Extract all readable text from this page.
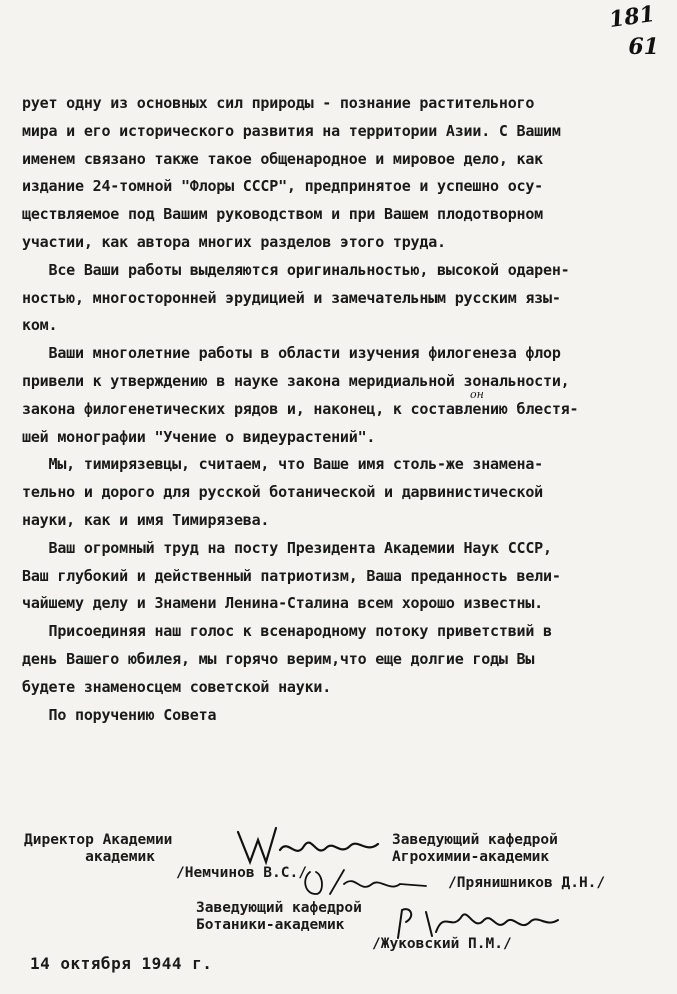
181
61
рует одну из основных сил природы - познание растительного
мира и его исторического развития на территории Азии. С Вашим
именем связано также такое общенародное и мировое дело, как
издание 24-томной "Флоры СССР", предпринятое и успешно осу-
ществляемое под Вашим руководством и при Вашем плодотворном
участии, как автора многих разделов этого труда.
Все Ваши работы выделяются оригинальностью, высокой одарен-
ностью, многосторонней эрудицией и замечательным русским язы-
ком.
Ваши многолетние работы в области изучения филогенеза флор
привели к утверждению в науке закона меридиальной зональности,
закона филогенетических рядов и, наконец, к составлению блестя-
шей монографии "Учение о видеурастений".
Мы, тимирязевцы, считаем, что Ваше имя столь-же знамена-
тельно и дорого для русской ботанической и дарвинистической
науки, как и имя Тимирязева.
Ваш огромный труд на посту Президента Академии Наук СССР,
Ваш глубокий и действенный патриотизм, Ваша преданность вели-
чайшему делу и Знамени Ленина-Сталина всем хорошо известны.
Присоединяя наш голос к всенародному потоку приветствий в
день Вашего юбилея, мы горячо верим,что еще долгие годы Вы
будете знаменосцем советской науки.
По поручению Совета
он
Директор Академии
академик
/Немчинов В.С./
Заведующий кафедрой
Агрохимии-академик
/Прянишников Д.Н./
Заведующий кафедрой
Ботаники-академик
/Жуковский П.М./
14 октября 1944 г.
